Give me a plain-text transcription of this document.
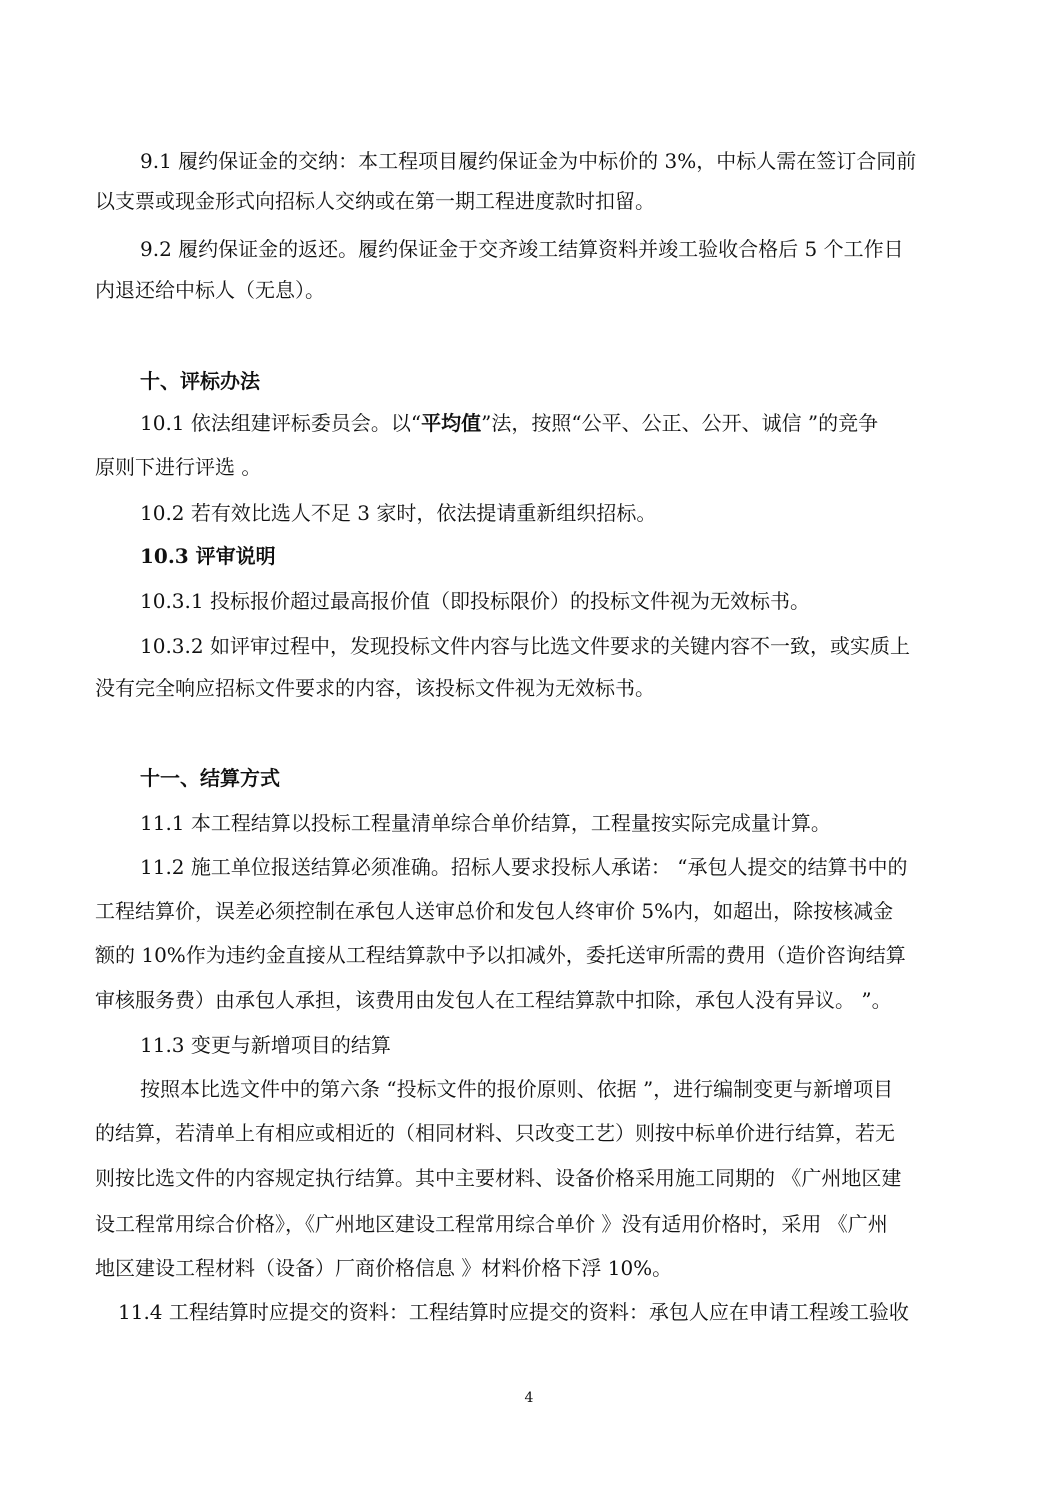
9.1 履约保证金的交纳：本工程项目履约保证金为中标价的 3%，中标人需在签订合同前
以支票或现金形式向招标人交纳或在第一期工程进度款时扣留。
9.2 履约保证金的返还。履约保证金于交齐竣工结算资料并竣工验收合格后 5 个工作日
内退还给中标人（无息）。
十、评标办法
10.1 依法组建评标委员会。以“平均值”法，按照“公平、公正、公开、诚信 ”的竞争
原则下进行评选 。
10.2 若有效比选人不足 3 家时，依法提请重新组织招标。
10.3 评审说明
10.3.1 投标报价超过最高报价值（即投标限价）的投标文件视为无效标书。
10.3.2 如评审过程中，发现投标文件内容与比选文件要求的关键内容不一致，或实质上
没有完全响应招标文件要求的内容，该投标文件视为无效标书。
十一、结算方式
11.1 本工程结算以投标工程量清单综合单价结算，工程量按实际完成量计算。
11.2 施工单位报送结算必须准确。招标人要求投标人承诺： “承包人提交的结算书中的
工程结算价，误差必须控制在承包人送审总价和发包人终审价 5%内，如超出，除按核减金
额的 10%作为违约金直接从工程结算款中予以扣减外，委托送审所需的费用（造价咨询结算
审核服务费）由承包人承担，该费用由发包人在工程结算款中扣除，承包人没有异议。 ”。
11.3 变更与新增项目的结算
按照本比选文件中的第六条 “投标文件的报价原则、依据 ”，进行编制变更与新增项目
的结算，若清单上有相应或相近的（相同材料、只改变工艺）则按中标单价进行结算，若无
则按比选文件的内容规定执行结算。其中主要材料、设备价格采用施工同期的 《广州地区建
设工程常用综合价格》，《广州地区建设工程常用综合单价 》没有适用价格时，采用 《广州
地区建设工程材料（设备）厂商价格信息 》材料价格下浮 10%。
11.4 工程结算时应提交的资料：工程结算时应提交的资料：承包人应在申请工程竣工验收
4
